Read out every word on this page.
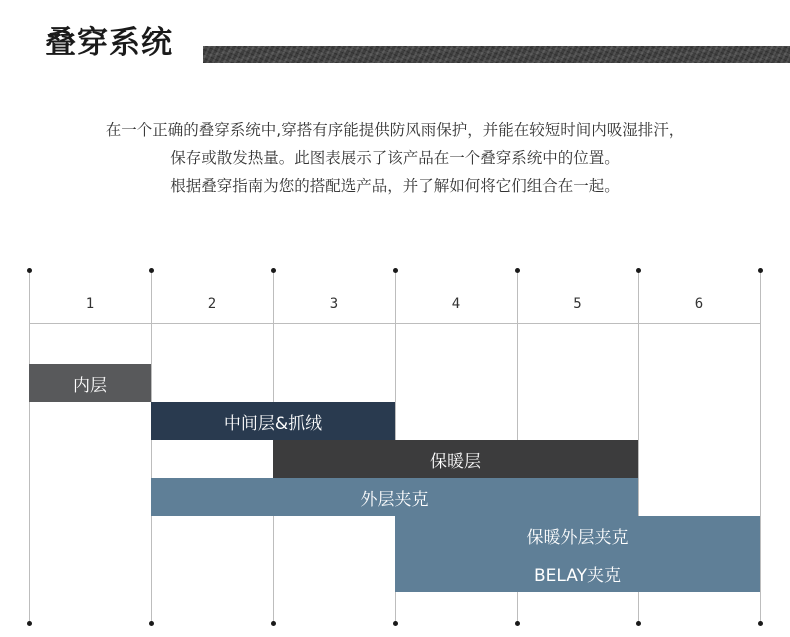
叠穿系统
在一个正确的叠穿系统中,穿搭有序能提供防风雨保护，并能在较短时间内吸湿排汗，
保存或散发热量。此图表展示了该产品在一个叠穿系统中的位置。
根据叠穿指南为您的搭配选产品，并了解如何将它们组合在一起。
1	2	3	4	5	6
内层
中间层&抓绒
保暖层
外层夹克
保暖外层夹克
BELAY夹克
